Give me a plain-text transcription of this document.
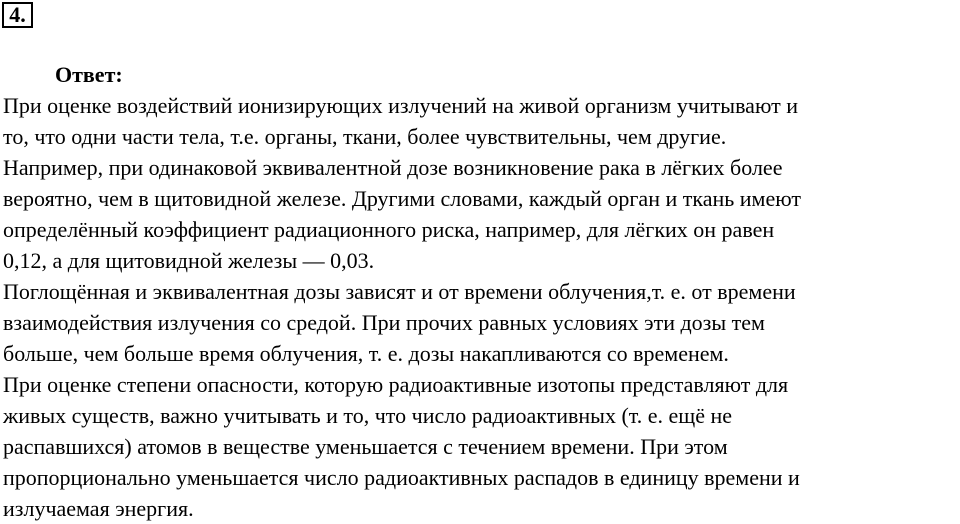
4.
Ответ:
При оценке воздействий ионизирующих излучений на живой организм учитывают и
то, что одни части тела, т.е. органы, ткани, более чувствительны, чем другие.
Например, при одинаковой эквивалентной дозе возникновение рака в лёгких более
вероятно, чем в щитовидной железе. Другими словами, каждый орган и ткань имеют
определённый коэффициент радиационного риска, например, для лёгких он равен
0,12, а для щитовидной железы — 0,03.
Поглощённая и эквивалентная дозы зависят и от времени облучения,т. е. от времени
взаимодействия излучения со средой. При прочих равных условиях эти дозы тем
больше, чем больше время облучения, т. е. дозы накапливаются со временем.
При оценке степени опасности, которую радиоактивные изотопы представляют для
живых существ, важно учитывать и то, что число радиоактивных (т. е. ещё не
распавшихся) атомов в веществе уменьшается с течением времени. При этом
пропорционально уменьшается число радиоактивных распадов в единицу времени и
излучаемая энергия.
